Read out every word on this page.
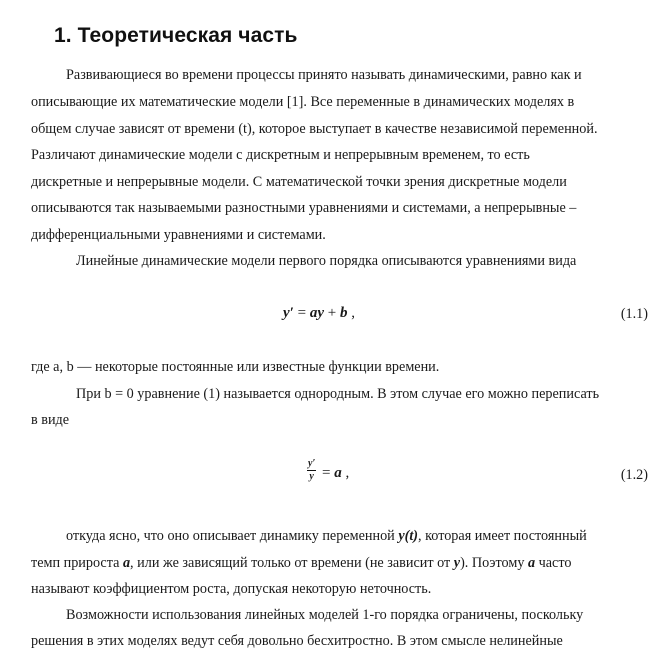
1. Теоретическая часть
Развивающиеся во времени процессы принято называть динамическими, равно как и
описывающие их математические модели [1]. Все переменные в динамических моделях в
общем случае зависят от времени (t), которое выступает в качестве независимой переменной.
Различают динамические модели с дискретным и непрерывным временем, то есть
дискретные и непрерывные модели. С математической точки зрения дискретные модели
описываются так называемыми разностными уравнениями и системами, а непрерывные –
дифференциальными уравнениями и системами.
Линейные динамические модели первого порядка описываются уравнениями вида
y′ = ay + b ,	(1.1)
где a, b — некоторые постоянные или известные функции времени.
При b = 0 уравнение (1) называется однородным. В этом случае его можно переписать
в виде
$\frac{y'}{y} = a$ ,	(1.2)
откуда ясно, что оно описывает динамику переменной y(t), которая имеет постоянный
темп прироста a, или же зависящий только от времени (не зависит от y). Поэтому a часто
называют коэффициентом роста, допуская некоторую неточность.
Возможности использования линейных моделей 1-го порядка ограничены, поскольку
решения в этих моделях ведут себя довольно бесхитростно. В этом смысле нелинейные
